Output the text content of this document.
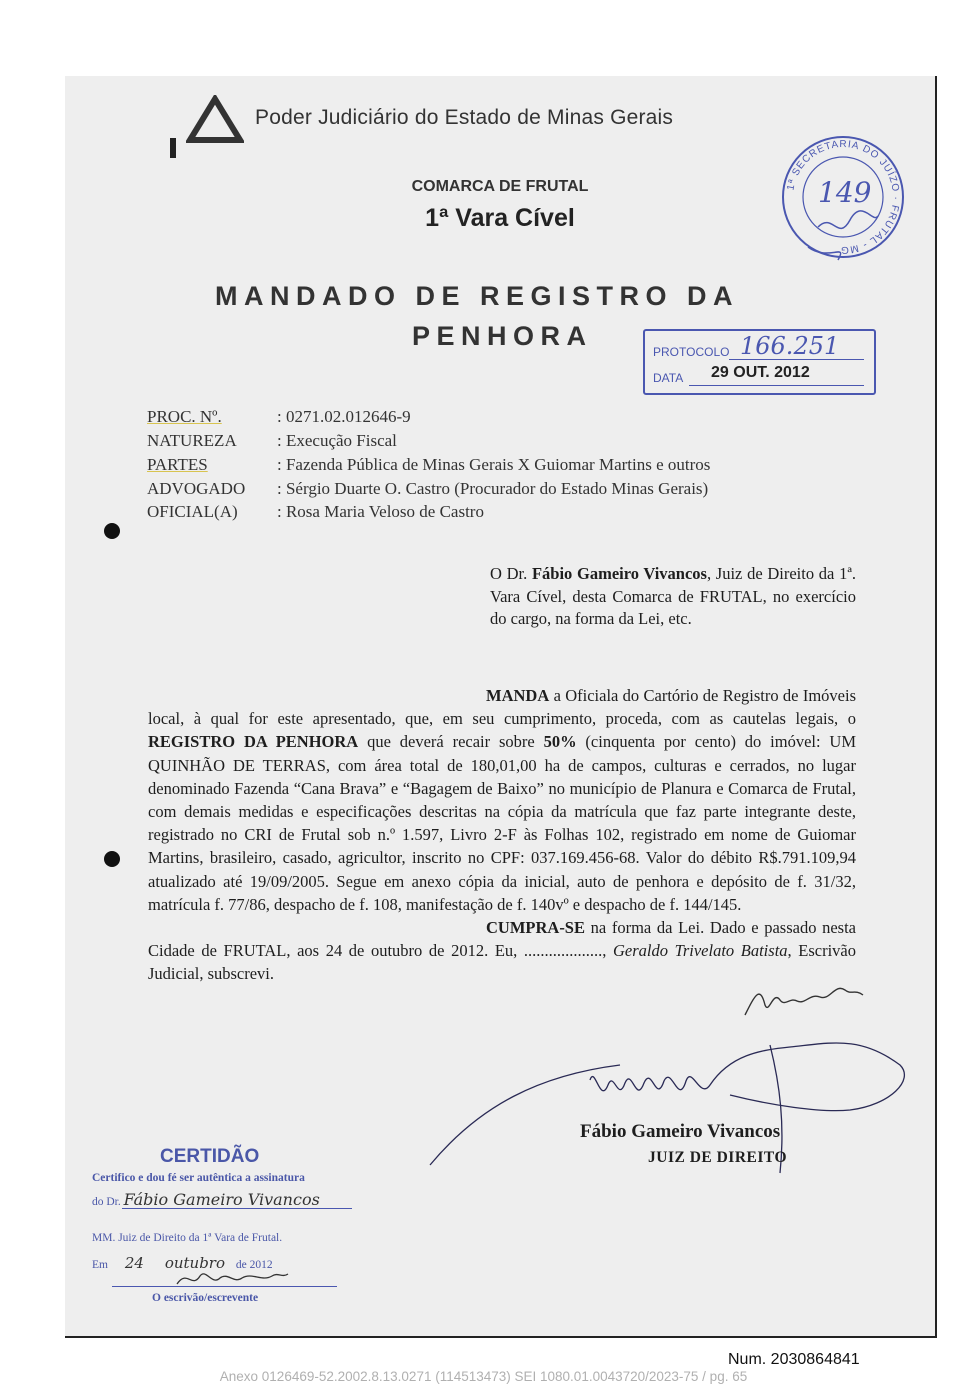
Poder Judiciário do Estado de Minas Gerais
COMARCA DE FRUTAL
1ª Vara Cível
MANDADO DE REGISTRO DA
PENHORA
1ª SECRETARIA DO JUÍZO · FRUTAL - MG
149
PROTOCOLO 166.251
DATA 29 OUT. 2012
PROC. Nº.	: 0271.02.012646-9
NATUREZA : Execução Fiscal
PARTES	: Fazenda Pública de Minas Gerais X Guiomar Martins e outros
ADVOGADO : Sérgio Duarte O. Castro (Procurador do Estado Minas Gerais)
OFICIAL(A) : Rosa Maria Veloso de Castro
O Dr. Fábio Gameiro Vivancos, Juiz de Direito da 1ª. Vara Cível, desta Comarca de FRUTAL, no exercício do cargo, na forma da Lei, etc.

MANDA a Oficiala do Cartório de Registro de Imóveis local, à qual for este apresentado, que, em seu cumprimento, proceda, com as cautelas legais, o REGISTRO DA PENHORA que deverá recair sobre 50% (cinquenta por cento) do imóvel: UM QUINHÃO DE TERRAS, com área total de 180,01,00 ha de campos, culturas e cerrados, no lugar denominado Fazenda “Cana Brava” e “Bagagem de Baixo” no município de Planura e Comarca de Frutal, com demais medidas e especificações descritas na cópia da matrícula que faz parte integrante deste, registrado no CRI de Frutal sob n.º 1.597, Livro 2-F às Folhas 102, registrado em nome de Guiomar Martins, brasileiro, casado, agricultor, inscrito no CPF: 037.169.456-68. Valor do débito R$.791.109,94 atualizado até 19/09/2005. Segue em anexo cópia da inicial, auto de penhora e depósito de f. 31/32, matrícula f. 77/86, despacho de f. 108, manifestação de f. 140vº e despacho de f. 144/145.

CUMPRA-SE na forma da Lei. Dado e passado nesta Cidade de FRUTAL, aos 24 de outubro de 2012. Eu, ..................., Geraldo Trivelato Batista, Escrivão Judicial, subscrevi.

Fábio Gameiro Vivancos
JUIZ DE DIREITO
CERTIDÃO
Certifico e dou fé ser autêntica a assinatura
do Dr. Fábio Gameiro Vivancos
MM. Juiz de Direito da 1ª Vara de Frutal.
Em 24 outubro de 2012
O escrivão/escrevente
Num. 2030864841
Anexo 0126469-52.2002.8.13.0271 (114513473) SEI 1080.01.0043720/2023-75 / pg. 65
